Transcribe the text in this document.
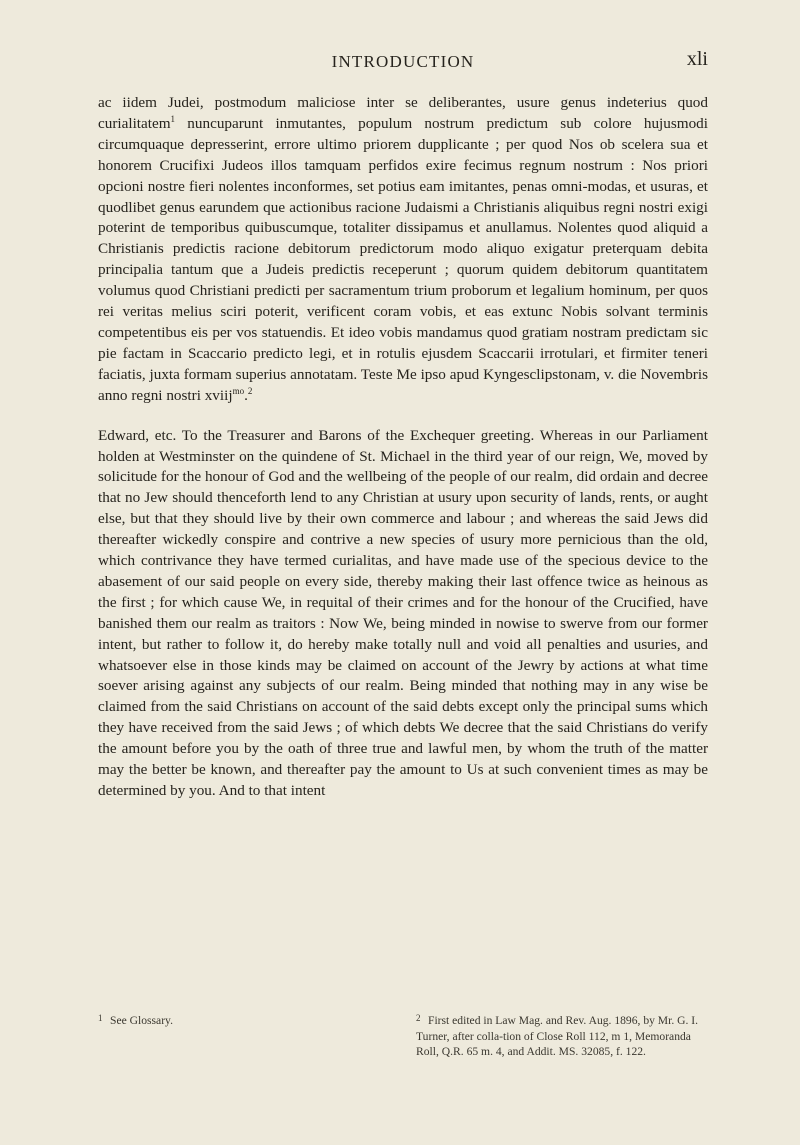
INTRODUCTION	xli

ac iidem Judei, postmodum maliciose inter se deliberantes, usure genus indeterius quod curialitatem$^1$ nuncuparunt inmutantes, populum nostrum predictum sub colore hujusmodi circumquaque depresserint, errore ultimo priorem dupplicante ; per quod Nos ob scelera sua et honorem Crucifixi Judeos illos tamquam perfidos exire fecimus regnum nostrum : Nos priori opcioni nostre fieri nolentes inconformes, set potius eam imitantes, penas omni-modas, et usuras, et quodlibet genus earundem que actionibus racione Judaismi a Christianis aliquibus regni nostri exigi poterint de temporibus quibuscumque, totaliter dissipamus et anullamus. Nolentes quod aliquid a Christianis predictis racione debitorum predictorum modo aliquo exigatur preterquam debita principalia tantum que a Judeis predictis receperunt ; quorum quidem debitorum quantitatem volumus quod Christiani predicti per sacramentum trium proborum et legalium hominum, per quos rei veritas melius sciri poterit, verificent coram vobis, et eas extunc Nobis solvant terminis competentibus eis per vos statuendis. Et ideo vobis mandamus quod gratiam nostram predictam sic pie factam in Scaccario predicto legi, et in rotulis ejusdem Scaccarii irrotulari, et firmiter teneri faciatis, juxta formam superius annotatam. Teste Me ipso apud Kyngesclipstonam, v. die Novembris anno regni nostri xviij$^{mo}$.$^2$

Edward, etc. To the Treasurer and Barons of the Exchequer greeting. Whereas in our Parliament holden at Westminster on the quindene of St. Michael in the third year of our reign, We, moved by solicitude for the honour of God and the wellbeing of the people of our realm, did ordain and decree that no Jew should thenceforth lend to any Christian at usury upon security of lands, rents, or aught else, but that they should live by their own commerce and labour ; and whereas the said Jews did thereafter wickedly conspire and contrive a new species of usury more pernicious than the old, which contrivance they have termed curialitas, and have made use of the specious device to the abasement of our said people on every side, thereby making their last offence twice as heinous as the first ; for which cause We, in requital of their crimes and for the honour of the Crucified, have banished them our realm as traitors : Now We, being minded in nowise to swerve from our former intent, but rather to follow it, do hereby make totally null and void all penalties and usuries, and whatsoever else in those kinds may be claimed on account of the Jewry by actions at what time soever arising against any subjects of our realm. Being minded that nothing may in any wise be claimed from the said Christians on account of the said debts except only the principal sums which they have received from the said Jews ; of which debts We decree that the said Christians do verify the amount before you by the oath of three true and lawful men, by whom the truth of the matter may the better be known, and thereafter pay the amount to Us at such convenient times as may be determined by you. And to that intent

1 See Glossary.	2 First edited in Law Mag. and Rev. Aug. 1896, by Mr. G. I. Turner, after colla-tion of Close Roll 112, m 1, Memoranda Roll, Q.R. 65 m. 4, and Addit. MS. 32085, f. 122.
